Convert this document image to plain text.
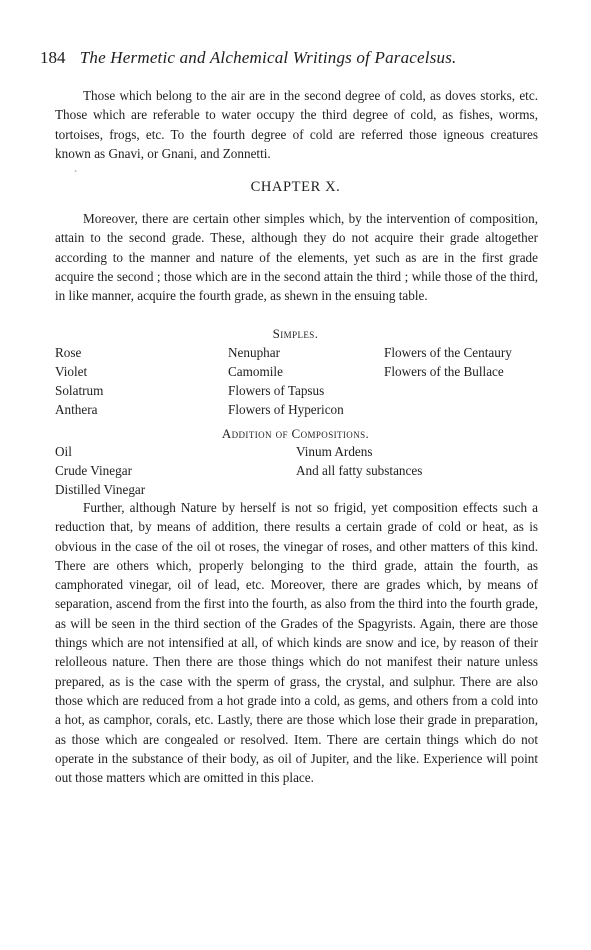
184 The Hermetic and Alchemical Writings of Paracelsus.

Those which belong to the air are in the second degree of cold, as doves storks, etc. Those which are referable to water occupy the third degree of cold, as fishes, worms, tortoises, frogs, etc. To the fourth degree of cold are referred those igneous creatures known as Gnavi, or Gnani, and Zonnetti.

`
CHAPTER X.

Moreover, there are certain other simples which, by the intervention of composition, attain to the second grade. These, although they do not acquire their grade altogether according to the manner and nature of the elements, yet such as are in the first grade acquire the second ; those which are in the second attain the third ; while those of the third, in like manner, acquire the fourth grade, as shewn in the ensuing table.

Simples.
Rose
Violet
Solatrum
Anthera
Nenuphar
Camomile
Flowers of Tapsus
Flowers of Hypericon
Flowers of the Centaury
Flowers of the Bullace
Addition of Compositions.
Oil
Crude Vinegar
Distilled Vinegar
Vinum Ardens
And all fatty substances

Further, although Nature by herself is not so frigid, yet composition effects such a reduction that, by means of addition, there results a certain grade of cold or heat, as is obvious in the case of the oil ot roses, the vinegar of roses, and other matters of this kind. There are others which, properly belonging to the third grade, attain the fourth, as camphorated vinegar, oil of lead, etc. Moreover, there are grades which, by means of separation, ascend from the first into the fourth, as also from the third into the fourth grade, as will be seen in the third section of the Grades of the Spagyrists. Again, there are those things which are not intensified at all, of which kinds are snow and ice, by reason of their relolleous nature. Then there are those things which do not manifest their nature unless prepared, as is the case with the sperm of grass, the crystal, and sulphur. There are also those which are reduced from a hot grade into a cold, as gems, and others from a cold into a hot, as camphor, corals, etc. Lastly, there are those which lose their grade in preparation, as those which are congealed or resolved. Item. There are certain things which do not operate in the substance of their body, as oil of Jupiter, and the like. Experience will point out those matters which are omitted in this place.
